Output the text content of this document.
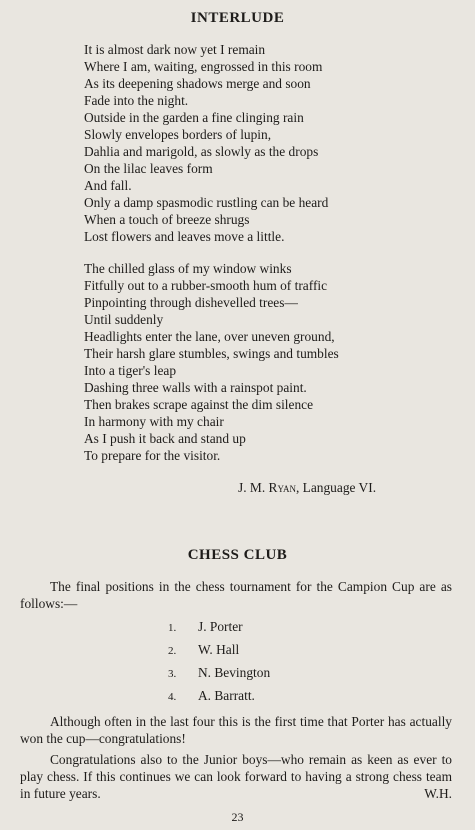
INTERLUDE
It is almost dark now yet I remain
Where I am, waiting, engrossed in this room
As its deepening shadows merge and soon
Fade into the night.
Outside in the garden a fine clinging rain
Slowly envelopes borders of lupin,
Dahlia and marigold, as slowly as the drops
On the lilac leaves form
And fall.
Only a damp spasmodic rustling can be heard
When a touch of breeze shrugs
Lost flowers and leaves move a little.
The chilled glass of my window winks
Fitfully out to a rubber-smooth hum of traffic
Pinpointing through dishevelled trees—
Until suddenly
Headlights enter the lane, over uneven ground,
Their harsh glare stumbles, swings and tumbles
Into a tiger's leap
Dashing three walls with a rainspot paint.
Then brakes scrape against the dim silence
In harmony with my chair
As I push it back and stand up
To prepare for the visitor.
J. M. Ryan, Language VI.
CHESS CLUB
The final positions in the chess tournament for the Campion Cup are as follows:—
1. J. Porter
2. W. Hall
3. N. Bevington
4. A. Barratt.
Although often in the last four this is the first time that Porter has actually won the cup—congratulations!
Congratulations also to the Junior boys—who remain as keen as ever to play chess. If this continues we can look forward to having a strong chess team in future years.	W.H.
23
